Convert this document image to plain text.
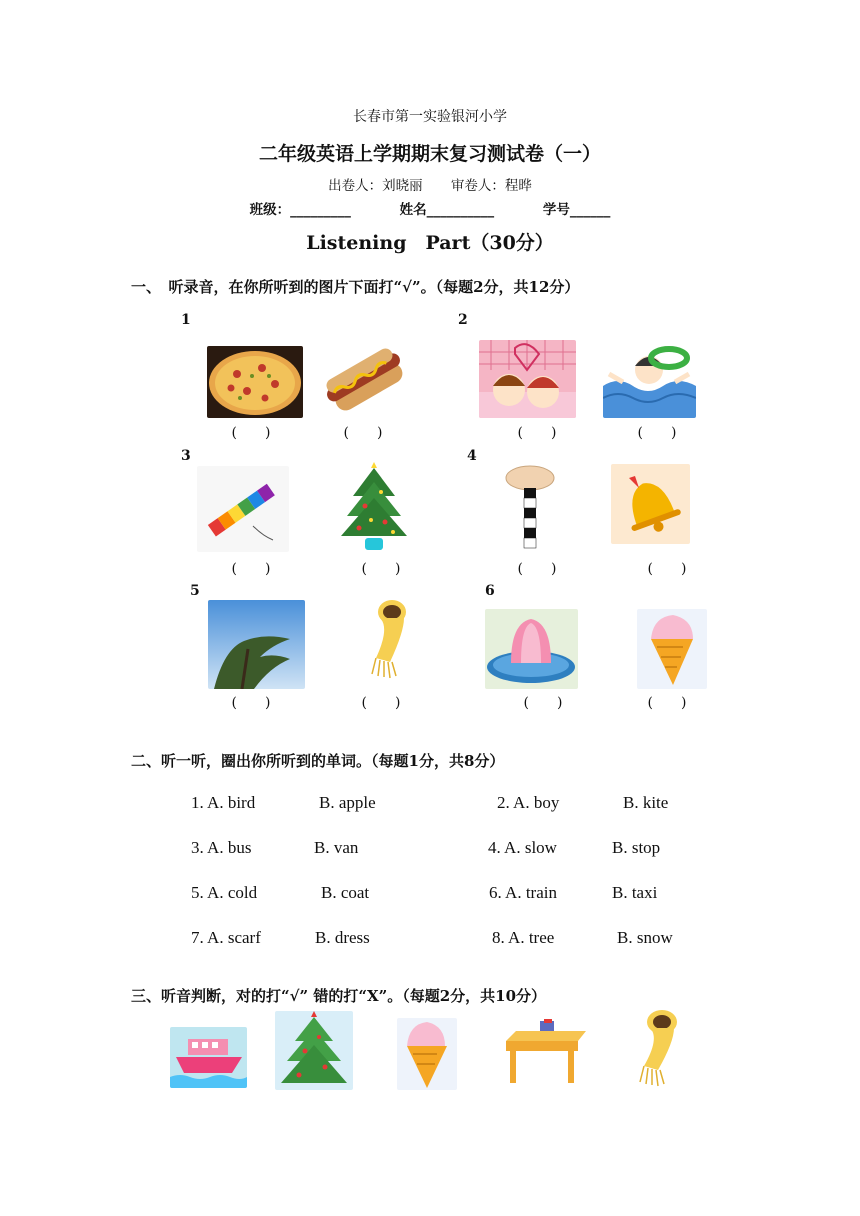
长春市第一实验银河小学
二年级英语上学期期末复习测试卷（一）
出卷人：刘晓丽 审卷人：程晔
班级：_________	姓名__________	学号______
Listening　Part（30分）
一、　听录音，在你所听到的图片下面打“√”。（每题2分，共12分）
1	2
3	4
5	6
(　　)	(　　)	(　　)	(　　)
(　　)	(　　)	(　　)	(　　)
(　　)	(　　)	(　　)	(　　)
二、听一听，圈出你所听到的单词。（每题1分，共8分）
1. A. bird	B. apple	2. A. boy	B. kite
3. A. bus	B. van	4. A. slow	B. stop
5. A. cold	B. coat	6. A. train	B. taxi
7. A. scarf	B. dress	8. A. tree	B. snow
三、听音判断，对的打“√” 错的打“X”。（每题2分，共10分）
